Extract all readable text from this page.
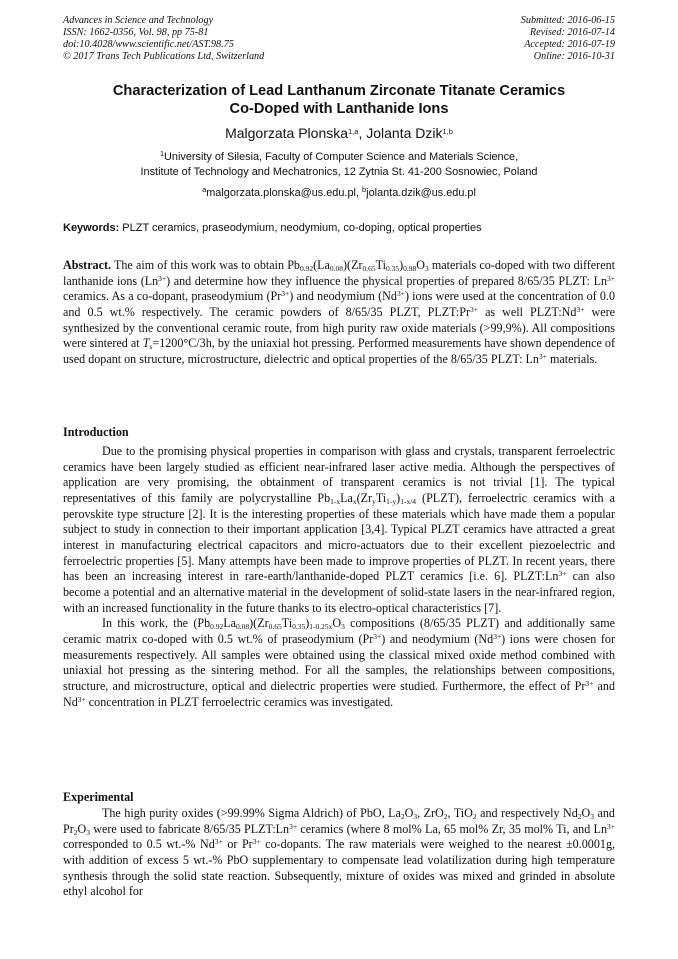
Advances in Science and Technology
ISSN: 1662-0356, Vol. 98, pp 75-81
doi:10.4028/www.scientific.net/AST.98.75
© 2017 Trans Tech Publications Ltd, Switzerland
Submitted: 2016-06-15
Revised: 2016-07-14
Accepted: 2016-07-19
Online: 2016-10-31
Characterization of Lead Lanthanum Zirconate Titanate Ceramics
Co-Doped with Lanthanide Ions
Malgorzata Plonska$^{1,a}$, Jolanta Dzik$^{1,b}$
$^1$University of Silesia, Faculty of Computer Science and Materials Science,
Institute of Technology and Mechatronics, 12 Zytnia St. 41-200 Sosnowiec, Poland
$^a$malgorzata.plonska@us.edu.pl, $^b$jolanta.dzik@us.edu.pl
Keywords: PLZT ceramics, praseodymium, neodymium, co-doping, optical properties

Abstract. The aim of this work was to obtain $Pb_{0.92}(La_{0.08})(Zr_{0.65}Ti_{0.35})_{0.98}O_3$ materials co-doped with two different lanthanide ions $(Ln^{3+})$ and determine how they influence the physical properties of prepared 8/65/35 PLZT: $Ln^{3+}$ ceramics. As a co-dopant, praseodymium $(Pr^{3+})$ and neodymium $(Nd^{3+})$ ions were used at the concentration of 0.0 and 0.5 wt.% respectively. The ceramic powders of 8/65/35 PLZT, $PLZT:Pr^{3+}$ as well $PLZT:Nd^{3+}$ were synthesized by the conventional ceramic route, from high purity raw oxide materials (>99,9%). All compositions were sintered at $T_s=1200^\circ C/3h$, by the uniaxial hot pressing. Performed measurements have shown dependence of used dopant on structure, microstructure, dielectric and optical properties of the 8/65/35 PLZT: $Ln^{3+}$ materials.

Introduction

Due to the promising physical properties in comparison with glass and crystals, transparent ferroelectric ceramics have been largely studied as efficient near-infrared laser active media. Although the perspectives of application are very promising, the obtainment of transparent ceramics is not trivial [1]. The typical representatives of this family are polycrystalline $Pb_{1-x}La_x(Zr_yTi_{1-y})_{1-x/4}$ (PLZT), ferroelectric ceramics with a perovskite type structure [2]. It is the interesting properties of these materials which have made them a popular subject to study in connection to their important application [3,4]. Typical PLZT ceramics have attracted a great interest in manufacturing electrical capacitors and micro-actuators due to their excellent piezoelectric and ferroelectric properties [5]. Many attempts have been made to improve properties of PLZT. In recent years, there has been an increasing interest in rare-earth/lanthanide-doped PLZT ceramics [i.e. 6]. $PLZT:Ln^{3+}$ can also become a potential and an alternative material in the development of solid-state lasers in the near-infrared region, with an increased functionality in the future thanks to its electro-optical characteristics [7].

In this work, the $(Pb_{0.92}La_{0.08})(Zr_{0.65}Ti_{0.35})_{1-0.25x}O_3$ compositions (8/65/35 PLZT) and additionally same ceramic matrix co-doped with 0.5 wt.% of praseodymium $(Pr^{3+})$ and neodymium $(Nd^{3+})$ ions were chosen for measurements respectively. All samples were obtained using the classical mixed oxide method combined with uniaxial hot pressing as the sintering method. For all the samples, the relationships between compositions, structure, and microstructure, optical and dielectric properties were studied. Furthermore, the effect of $Pr^{3+}$ and $Nd^{3+}$ concentration in PLZT ferroelectric ceramics was investigated.

Experimental

The high purity oxides (>99.99% Sigma Aldrich) of PbO, $La_2O_3$, ZrO$_2$, TiO$_2$ and respectively $Nd_2O_3$ and $Pr_2O_3$ were used to fabricate 8/65/35 $PLZT:Ln^{3+}$ ceramics (where 8 mol% La, 65 mol% Zr, 35 mol% Ti, and $Ln^{3+}$ corresponded to 0.5 wt.-% $Nd^{3+}$ or $Pr^{3+}$ co-dopants. The raw materials were weighed to the nearest ±0.0001g, with addition of excess 5 wt.-% PbO supplementary to compensate lead volatilization during high temperature synthesis through the solid state reaction. Subsequently, mixture of oxides was mixed and grinded in absolute ethyl alcohol for
